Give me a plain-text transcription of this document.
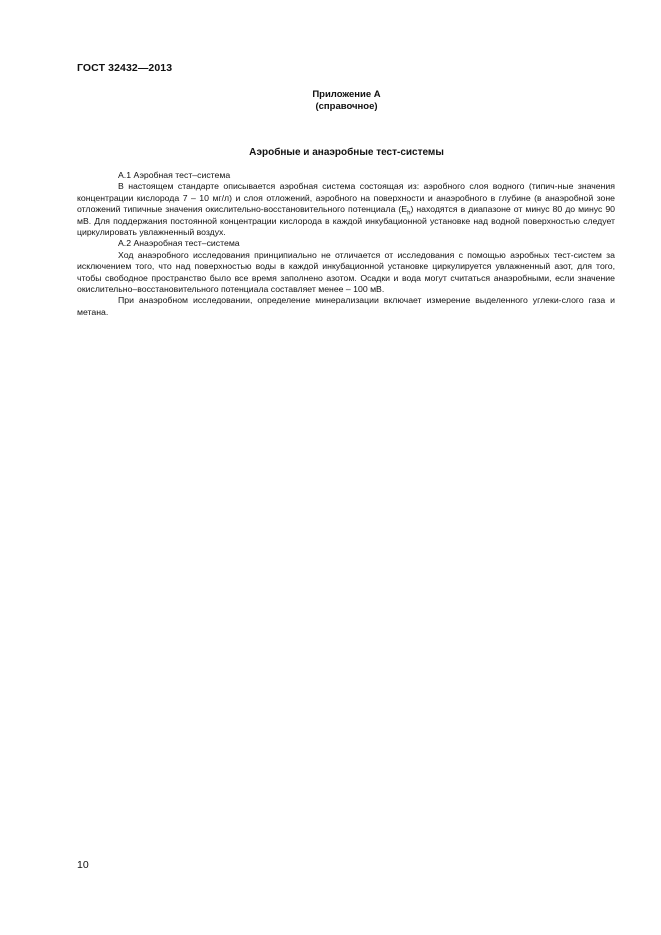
ГОСТ 32432—2013
Приложение А
(справочное)
Аэробные и анаэробные тест-системы

А.1 Аэробная тест–система

В настоящем стандарте описывается аэробная система состоящая из: аэробного слоя водного (типич-ные значения концентрации кислорода 7 – 10 мг/л) и слоя отложений, аэробного на поверхности и анаэробного в глубине (в анаэробной зоне отложений типичные значения окислительно-восстановительного потенциала $(E_h)$ находятся в диапазоне от минус 80 до минус 90 мВ. Для поддержания постоянной концентрации кислорода в каждой инкубационной установке над водной поверхностью следует циркулировать увлажненный воздух.

А.2 Анаэробная тест–система

Ход анаэробного исследования принципиально не отличается от исследования с помощью аэробных тест-систем за исключением того, что над поверхностью воды в каждой инкубационной установке циркулируется увлажненный азот, для того, чтобы свободное пространство было все время заполнено азотом. Осадки и вода могут считаться анаэробными, если значение окислительно–восстановительного потенциала составляет менее – 100 мВ.

При анаэробном исследовании, определение минерализации включает измерение выделенного углеки-слого газа и метана.

10
